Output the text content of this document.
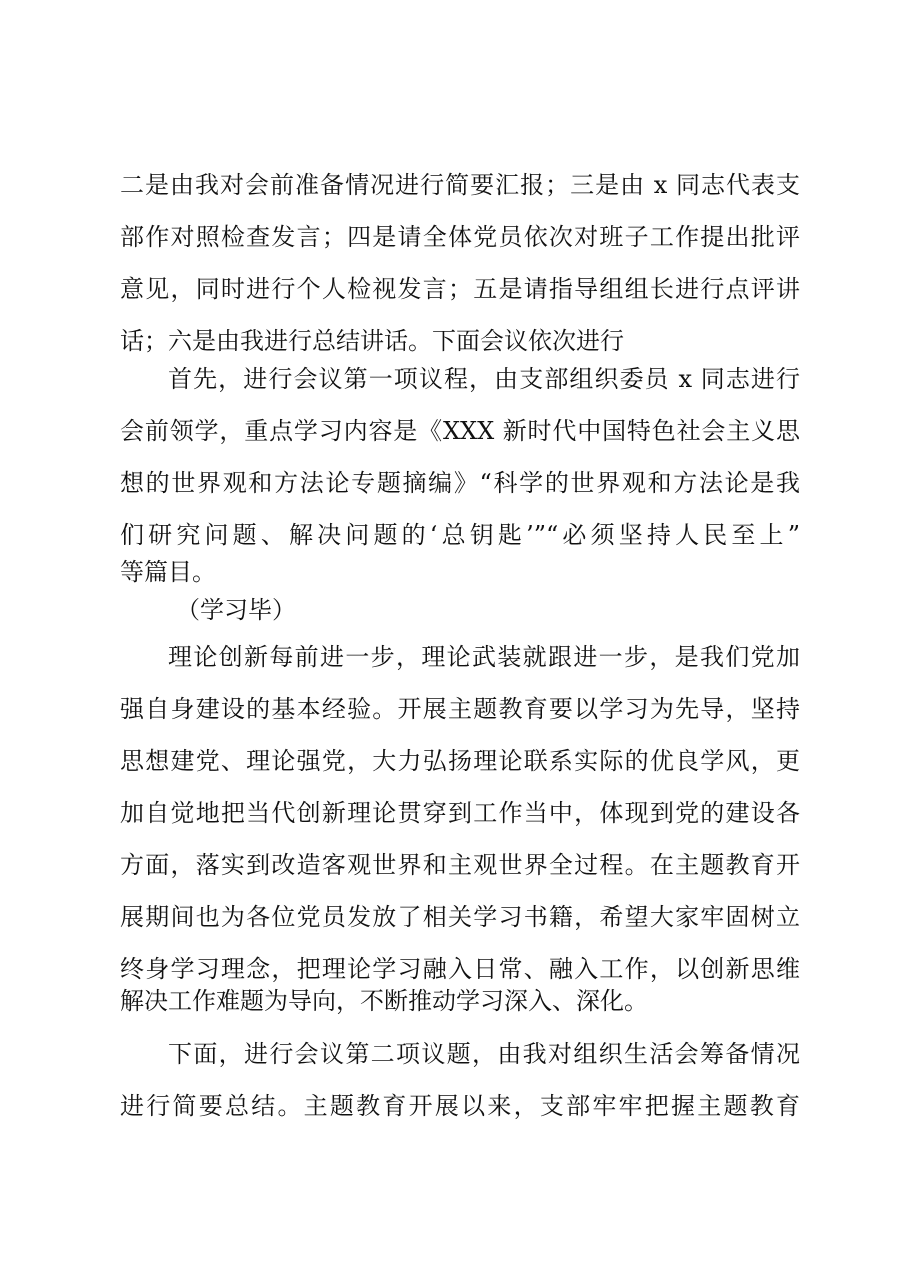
二是由我对会前准备情况进行简要汇报；三是由 x 同志代表支
部作对照检查发言；四是请全体党员依次对班子工作提出批评
意见，同时进行个人检视发言；五是请指导组组长进行点评讲
话；六是由我进行总结讲话。下面会议依次进行
首先，进行会议第一项议程，由支部组织委员 x 同志进行
会前领学，重点学习内容是《XXX 新时代中国特色社会主义思
想的世界观和方法论专题摘编》“科学的世界观和方法论是我
们研究问题、解决问题的‘总钥匙’”“必须坚持人民至上”
等篇目。
（学习毕）
理论创新每前进一步，理论武装就跟进一步，是我们党加
强自身建设的基本经验。开展主题教育要以学习为先导，坚持
思想建党、理论强党，大力弘扬理论联系实际的优良学风，更
加自觉地把当代创新理论贯穿到工作当中，体现到党的建设各
方面，落实到改造客观世界和主观世界全过程。在主题教育开
展期间也为各位党员发放了相关学习书籍，希望大家牢固树立
终身学习理念，把理论学习融入日常、融入工作，以创新思维
解决工作难题为导向，不断推动学习深入、深化。
下面，进行会议第二项议题，由我对组织生活会筹备情况
进行简要总结。主题教育开展以来，支部牢牢把握主题教育
